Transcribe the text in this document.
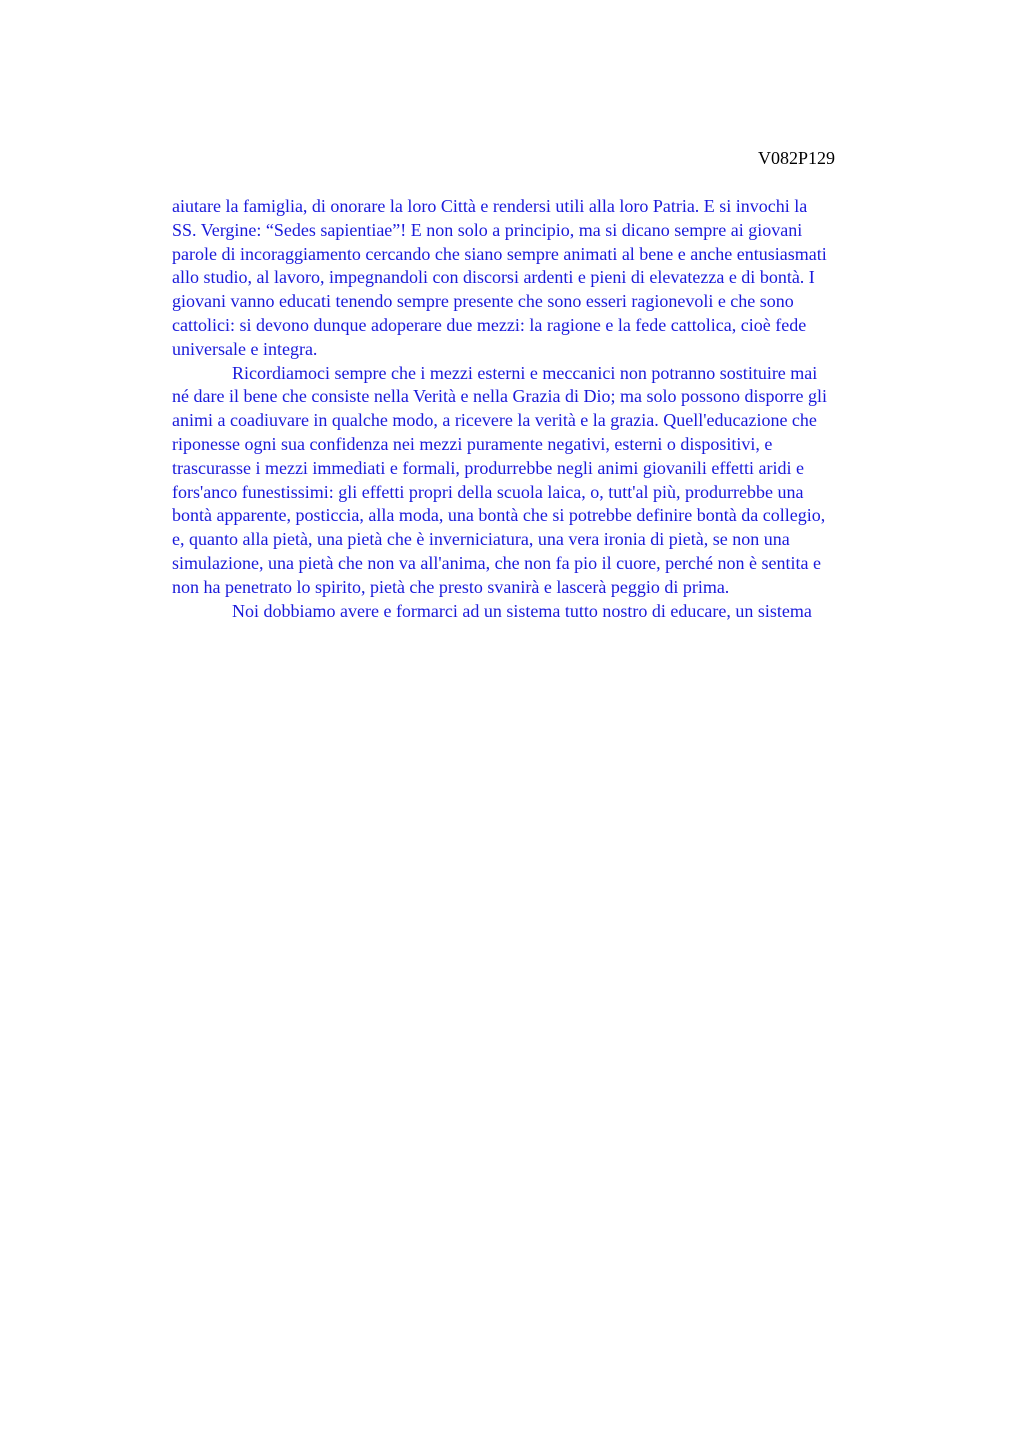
V082P129
aiutare la famiglia, di onorare la loro Città e rendersi utili alla loro Patria. E si invochi la
SS. Vergine: “Sedes sapientiae”! E non solo a principio, ma si dicano sempre ai giovani
parole di incoraggiamento cercando che siano sempre animati al bene e anche entusiasmati
allo studio, al lavoro, impegnandoli con discorsi ardenti e pieni di elevatezza e di bontà. I
giovani vanno educati tenendo sempre presente che sono esseri ragionevoli e che sono
cattolici: si devono dunque adoperare due mezzi: la ragione e la fede cattolica, cioè fede
universale e integra.
Ricordiamoci sempre che i mezzi esterni e meccanici non potranno sostituire mai
né dare il bene che consiste nella Verità e nella Grazia di Dio; ma solo possono disporre gli
animi a coadiuvare in qualche modo, a ricevere la verità e la grazia. Quell'educazione che
riponesse ogni sua confidenza nei mezzi puramente negativi, esterni o dispositivi, e
trascurasse i mezzi immediati e formali, produrrebbe negli animi giovanili effetti aridi e
fors'anco funestissimi: gli effetti propri della scuola laica, o, tutt'al più, produrrebbe una
bontà apparente, posticcia, alla moda, una bontà che si potrebbe definire bontà da collegio,
e, quanto alla pietà, una pietà che è inverniciatura, una vera ironia di pietà, se non una
simulazione, una pietà che non va all'anima, che non fa pio il cuore, perché non è sentita e
non ha penetrato lo spirito, pietà che presto svanirà e lascerà peggio di prima.
Noi dobbiamo avere e formarci ad un sistema tutto nostro di educare, un sistema
